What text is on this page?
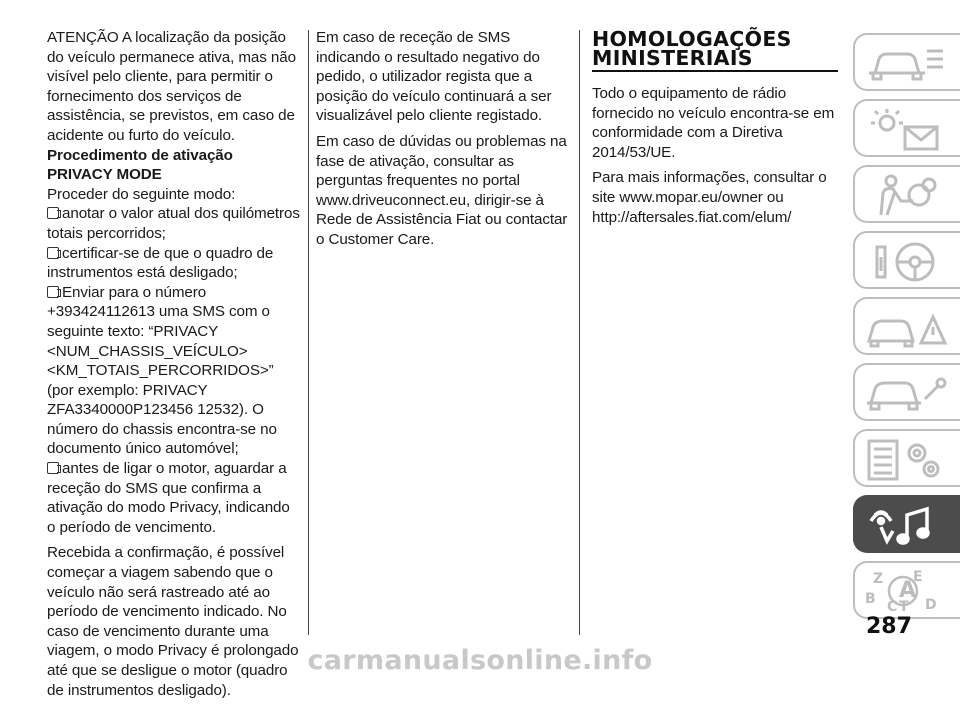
ATENÇÃO A localização da posição do veículo permanece ativa, mas não visível pelo cliente, para permitir o fornecimento dos serviços de assistência, se previstos, em caso de acidente ou furto do veículo.

Procedimento de ativação PRIVACY MODE

Proceder do seguinte modo:

anotar o valor atual dos quilómetros totais percorridos;
certificar-se de que o quadro de instrumentos está desligado;
Enviar para o número +393424112613 uma SMS com o seguinte texto: “PRIVACY <NUM_CHASSIS_VEÍCULO> <KM_TOTAIS_PERCORRIDOS>” (por exemplo: PRIVACY ZFA3340000P123456 12532). O número do chassis encontra-se no documento único automóvel;
antes de ligar o motor, aguardar a receção do SMS que confirma a ativação do modo Privacy, indicando o período de vencimento.

Recebida a confirmação, é possível começar a viagem sabendo que o veículo não será rastreado até ao período de vencimento indicado. No caso de vencimento durante uma viagem, o modo Privacy é prolongado até que se desligue o motor (quadro de instrumentos desligado).

Em caso de receção de SMS indicando o resultado negativo do pedido, o utilizador regista que a posição do veículo continuará a ser visualizável pelo cliente registado.

Em caso de dúvidas ou problemas na fase de ativação, consultar as perguntas frequentes no portal www.driveuconnect.eu, dirigir-se à Rede de Assistência Fiat ou contactar o Customer Care.

HOMOLOGAÇÕES
MINISTERIAIS

Todo o equipamento de rádio fornecido no veículo encontra-se em conformidade com a Diretiva 2014/53/UE.

Para mais informações, consultar o site www.mopar.eu/owner ou http://aftersales.fiat.com/elum/

Z E
B C T D
A
287
carmanualsonline.info
